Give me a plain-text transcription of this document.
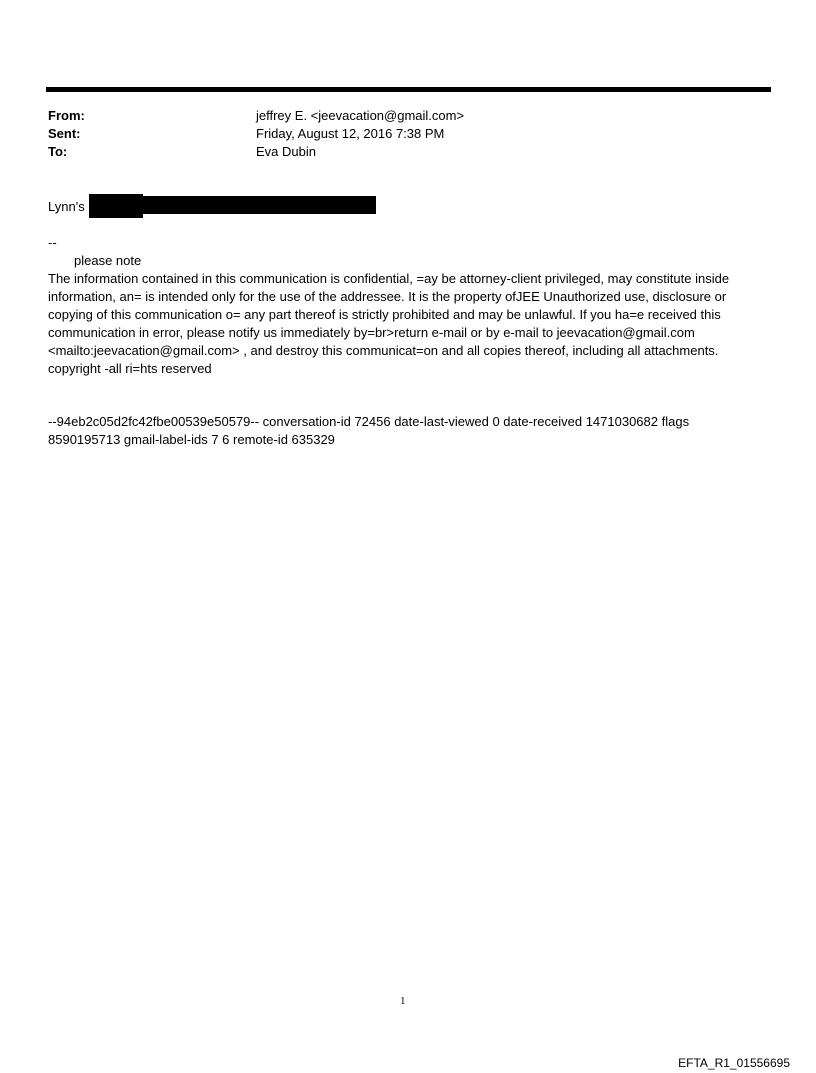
From:	jeffrey E. <jeevacation@gmail.com>
Sent:	Friday, August 12, 2016 7:38 PM
To:	Eva Dubin
Lynn's
--
please note
The information contained in this communication is confidential, =ay be attorney-client privileged, may constitute inside
information, an= is intended only for the use of the addressee. It is the property ofJEE Unauthorized use, disclosure or
copying of this communication o= any part thereof is strictly prohibited and may be unlawful. If you ha=e received this
communication in error, please notify us immediately by=br>return e-mail or by e-mail to jeevacation@gmail.com
<mailto:jeevacation@gmail.com> , and destroy this communicat=on and all copies thereof, including all attachments.
copyright -all ri=hts reserved
--94eb2c05d2fc42fbe00539e50579-- conversation-id 72456 date-last-viewed 0 date-received 1471030682 flags
8590195713 gmail-label-ids 7 6 remote-id 635329
1
EFTA_R1_01556695
